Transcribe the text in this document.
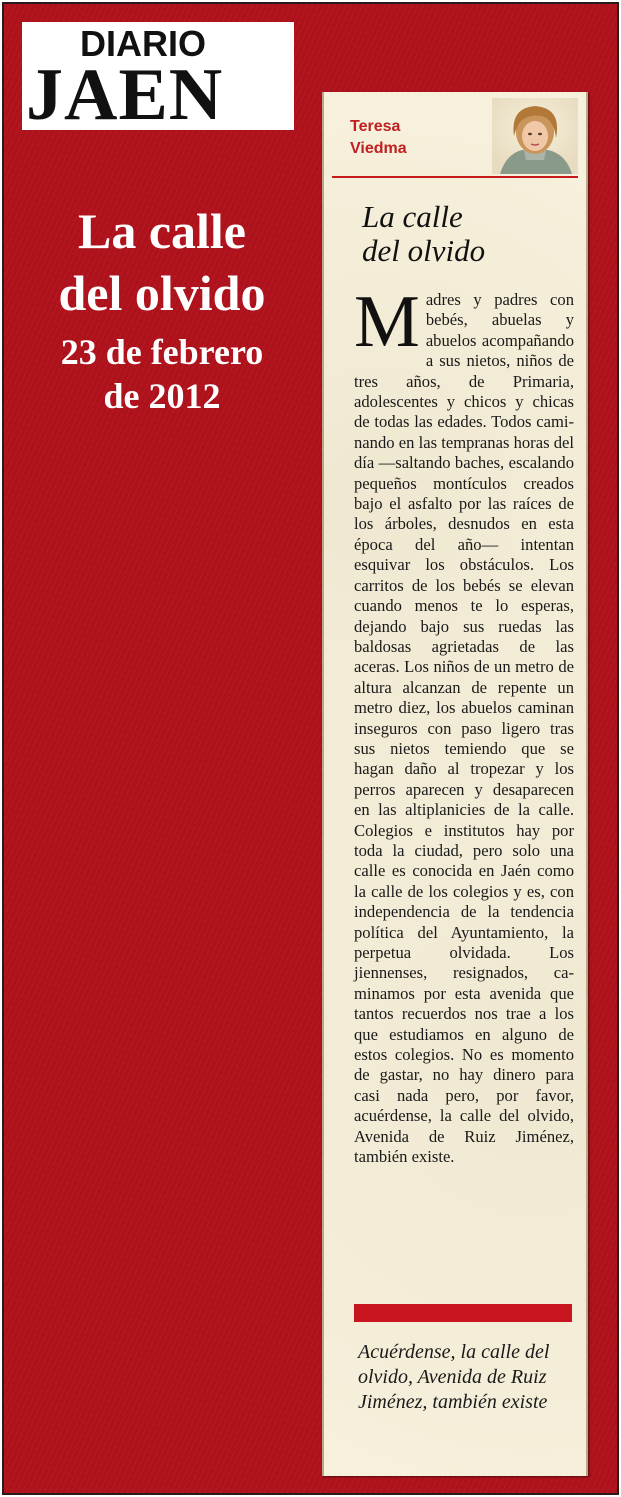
DIARIO
JAEN
La calle
del olvido
23 de febrero
de 2012
Teresa
Viedma
La calle
del olvido
Madres y padres con bebés, abuelas y abuelos acompañando a sus nietos, niños de tres años, de Primaria, adolescentes y chicos y chicas de todas las edades. Todos caminando en las tempranas horas del día —saltando baches, escalando pequeños montículos creados bajo el asfalto por las raíces de los árboles, desnudos en esta época del año— intentan esquivar los obstáculos. Los carritos de los bebés se elevan cuando menos te lo esperas, dejando bajo sus ruedas las baldosas agrietadas de las aceras. Los niños de un metro de altura alcanzan de repente un metro diez, los abuelos caminan inseguros con paso ligero tras sus nietos temiendo que se hagan daño al tropezar y los perros aparecen y desaparecen en las altiplanicies de la calle. Colegios e institutos hay por toda la ciudad, pero solo una calle es conocida en Jaén como la calle de los colegios y es, con independencia de la tendencia política del Ayuntamiento, la perpetua olvidada. Los jiennenses, resignados, caminamos por esta avenida que tantos recuerdos nos trae a los que estudiamos en alguno de estos colegios. No es momento de gastar, no hay dinero para casi nada pero, por favor, acuérdense, la calle del olvido, Avenida de Ruiz Jiménez, también existe.
Acuérdense, la calle del olvido, Avenida de Ruiz Jiménez, también existe
